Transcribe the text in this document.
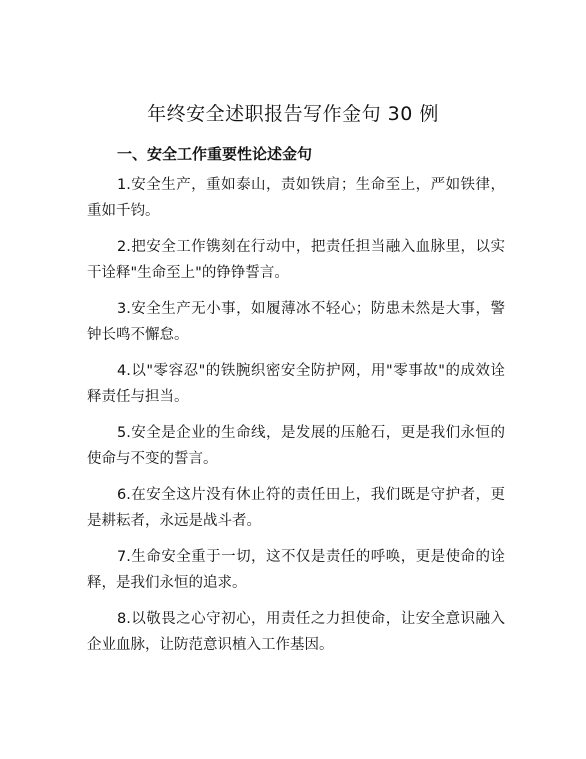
年终安全述职报告写作金句 30 例
一、安全工作重要性论述金句

1.安全生产，重如泰山，责如铁肩；生命至上，严如铁律，重如千钧。

2.把安全工作镌刻在行动中，把责任担当融入血脉里，以实干诠释"生命至上"的铮铮誓言。

3.安全生产无小事，如履薄冰不轻心；防患未然是大事，警钟长鸣不懈怠。

4.以"零容忍"的铁腕织密安全防护网，用"零事故"的成效诠释责任与担当。

5.安全是企业的生命线，是发展的压舱石，更是我们永恒的使命与不变的誓言。

6.在安全这片没有休止符的责任田上，我们既是守护者，更是耕耘者，永远是战斗者。

7.生命安全重于一切，这不仅是责任的呼唤，更是使命的诠释，是我们永恒的追求。

8.以敬畏之心守初心，用责任之力担使命，让安全意识融入企业血脉，让防范意识植入工作基因。
